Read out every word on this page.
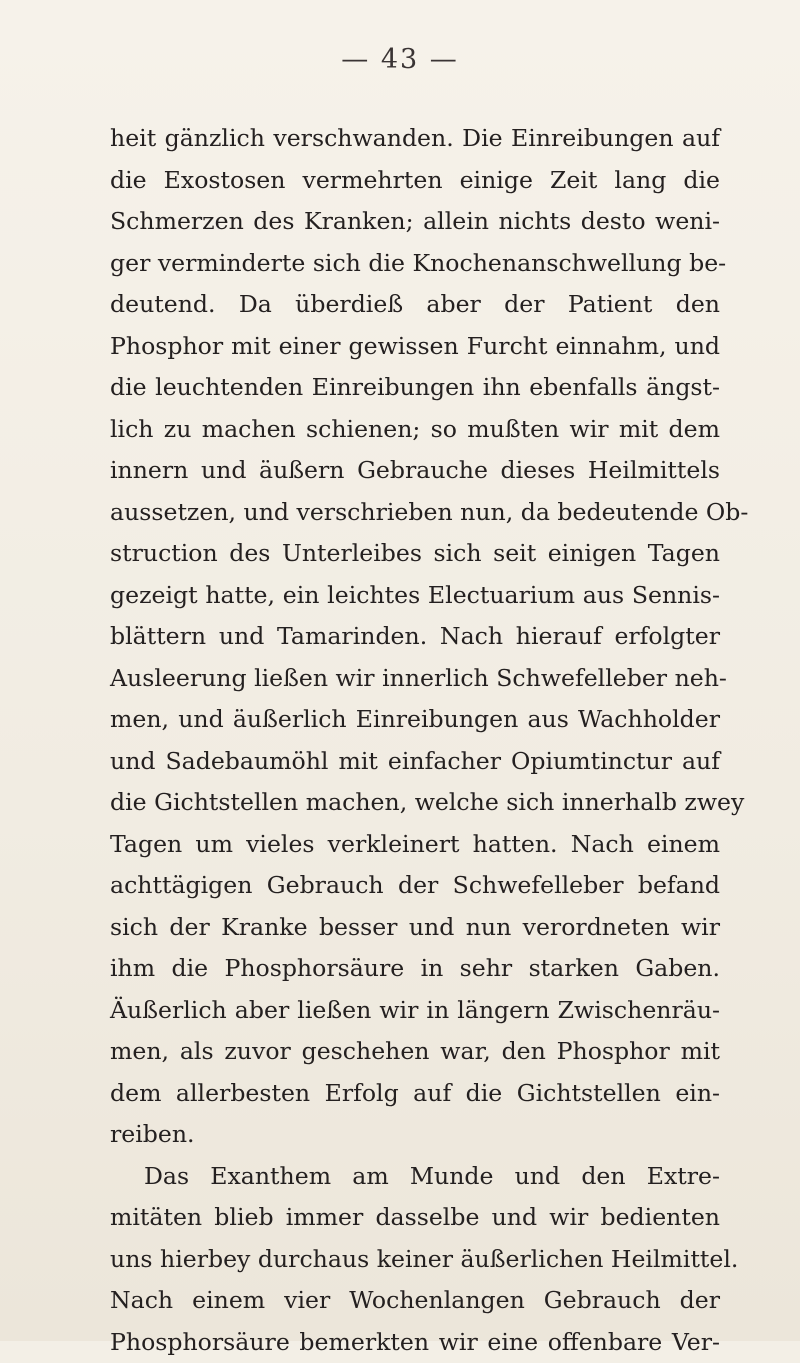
— 43 —
heit gänzlich verschwanden. Die Einreibungen auf
die Exostosen vermehrten einige Zeit lang die
Schmerzen des Kranken; allein nichts desto weni-
ger verminderte sich die Knochenanschwellung be-
deutend. Da überdieß aber der Patient den
Phosphor mit einer gewissen Furcht einnahm, und
die leuchtenden Einreibungen ihn ebenfalls ängst-
lich zu machen schienen; so mußten wir mit dem
innern und äußern Gebrauche dieses Heilmittels
aussetzen, und verschrieben nun, da bedeutende Ob-
struction des Unterleibes sich seit einigen Tagen
gezeigt hatte, ein leichtes Electuarium aus Sennis-
blättern und Tamarinden. Nach hierauf erfolgter
Ausleerung ließen wir innerlich Schwefelleber neh-
men, und äußerlich Einreibungen aus Wachholder
und Sadebaumöhl mit einfacher Opiumtinctur auf
die Gichtstellen machen, welche sich innerhalb zwey
Tagen um vieles verkleinert hatten. Nach einem
achttägigen Gebrauch der Schwefelleber befand
sich der Kranke besser und nun verordneten wir
ihm die Phosphorsäure in sehr starken Gaben.
Äußerlich aber ließen wir in längern Zwischenräu-
men, als zuvor geschehen war, den Phosphor mit
dem allerbesten Erfolg auf die Gichtstellen ein-
reiben.
Das Exanthem am Munde und den Extre-
mitäten blieb immer dasselbe und wir bedienten
uns hierbey durchaus keiner äußerlichen Heilmittel.
Nach einem vier Wochenlangen Gebrauch der
Phosphorsäure bemerkten wir eine offenbare Ver-
